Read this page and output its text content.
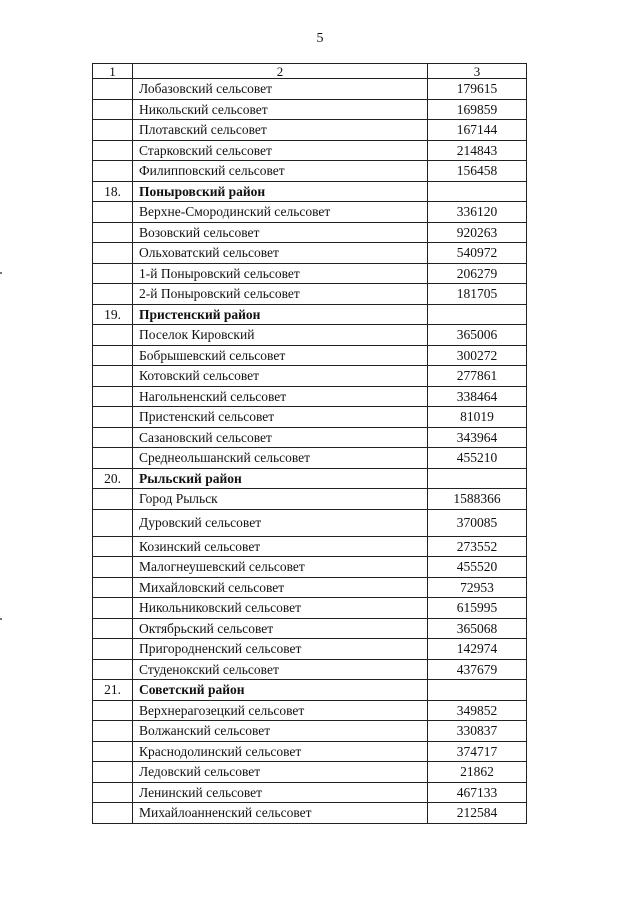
5
1	2	3
	Лобазовский сельсовет	179615
	Никольский сельсовет	169859
	Плотавский сельсовет	167144
	Старковский сельсовет	214843
	Филипповский сельсовет	156458
18.	Поныровский район	
	Верхне-Смородинский сельсовет	336120
	Возовский сельсовет	920263
	Ольховатский сельсовет	540972
	1-й Поныровский сельсовет	206279
	2-й Поныровский сельсовет	181705
19.	Пристенский район	
	Поселок Кировский	365006
	Бобрышевский сельсовет	300272
	Котовский сельсовет	277861
	Нагольненский сельсовет	338464
	Пристенский сельсовет	81019
	Сазановский сельсовет	343964
	Среднеольшанский сельсовет	455210
20.	Рыльский район	
	Город Рыльск	1588366
	Дуровский сельсовет	370085
	Козинский сельсовет	273552
	Малогнеушевский сельсовет	455520
	Михайловский сельсовет	72953
	Никольниковский сельсовет	615995
	Октябрьский сельсовет	365068
	Пригородненский сельсовет	142974
	Студенокский сельсовет	437679
21.	Советский район	
	Верхнерагозецкий сельсовет	349852
	Волжанский сельсовет	330837
	Краснодолинский сельсовет	374717
	Ледовский сельсовет	21862
	Ленинский сельсовет	467133
	Михайлоанненский сельсовет	212584
